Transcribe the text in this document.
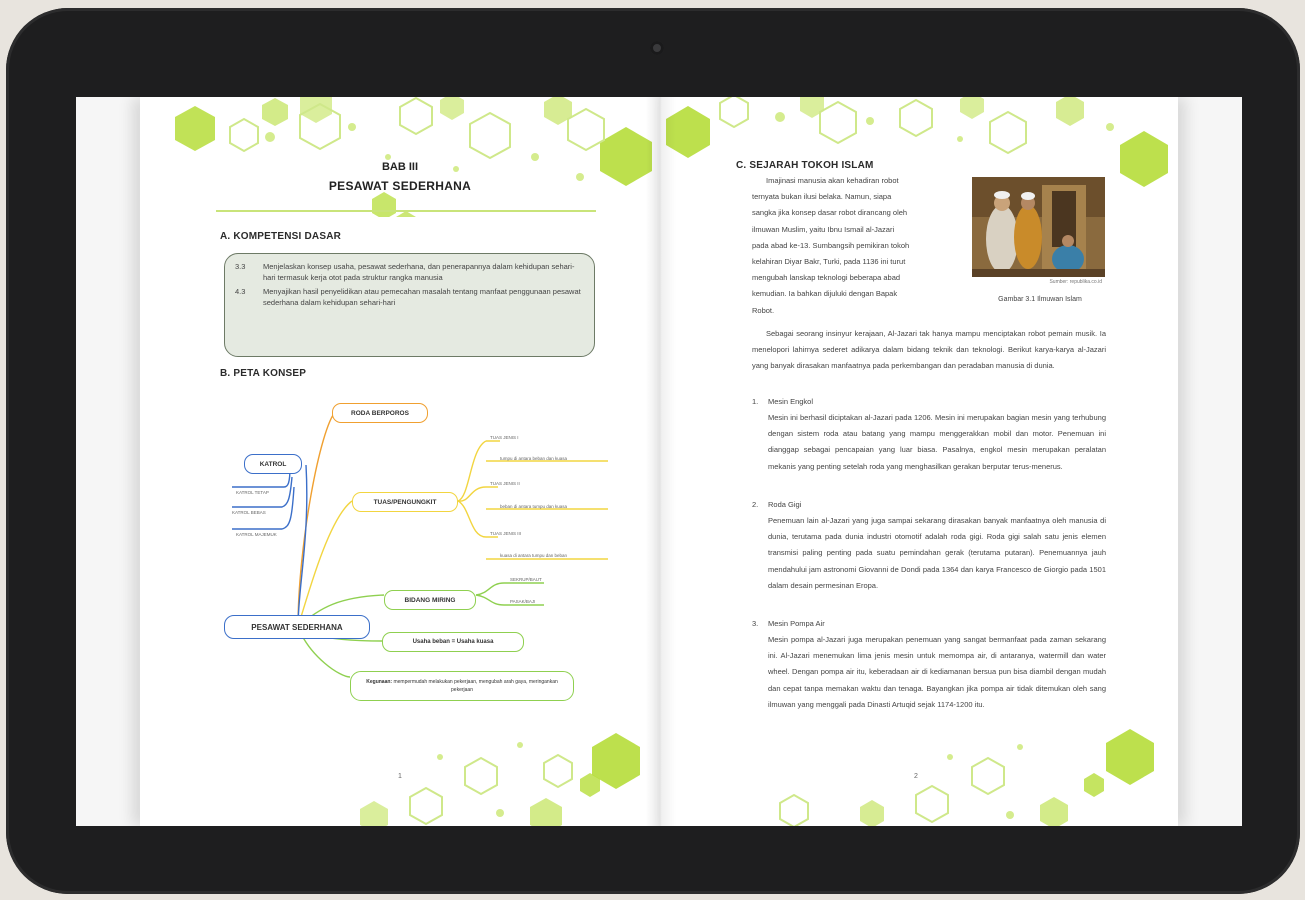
BAB III
PESAWAT SEDERHANA
A. KOMPETENSI DASAR
3.3	Menjelaskan konsep usaha, pesawat sederhana, dan penerapannya dalam kehidupan sehari-hari termasuk kerja otot pada struktur rangka manusia
4.3	Menyajikan hasil penyelidikan atau pemecahan masalah tentang manfaat penggunaan pesawat sederhana dalam kehidupan sehari-hari
B. PETA KONSEP
RODA BERPOROS
KATROL
KATROL TETAP
KATROL BEBAS
KATROL MAJEMUK
TUAS/PENGUNGKIT
TUAS JENIS I
tumpu di antara beban dan kuasa
TUAS JENIS II
beban di antara tumpu dan kuasa
TUAS JENIS III
kuasa di antara tumpu dan beban
BIDANG MIRING
SEKRUP/BAUT
PASAK/BAJI
PESAWAT SEDERHANA
Usaha beban = Usaha kuasa
Kegunaan: mempermudah melakukan pekerjaan, mengubah arah gaya, meringankan pekerjaan
1
C. SEJARAH TOKOH ISLAM
Imajinasi manusia akan kehadiran robot
ternyata bukan ilusi belaka. Namun, siapa
sangka jika konsep dasar robot dirancang oleh
ilmuwan Muslim, yaitu Ibnu Ismail al-Jazari
pada abad ke-13. Sumbangsih pemikiran tokoh
kelahiran Diyar Bakr, Turki, pada 1136 ini turut
mengubah lanskap teknologi beberapa abad
kemudian. Ia bahkan dijuluki dengan Bapak
Robot.
Sumber: republika.co.id
Gambar 3.1 Ilmuwan Islam
Sebagai seorang insinyur kerajaan, Al-Jazari tak hanya mampu menciptakan robot pemain musik. Ia menelopori lahirnya sederet adikarya dalam bidang teknik dan teknologi. Berikut karya-karya al-Jazari yang banyak dirasakan manfaatnya pada perkembangan dan peradaban manusia di dunia.
1. Mesin Engkol
Mesin ini berhasil diciptakan al-Jazari pada 1206. Mesin ini merupakan bagian mesin yang terhubung dengan sistem roda atau batang yang mampu menggerakkan mobil dan motor. Penemuan ini dianggap sebagai pencapaian yang luar biasa. Pasalnya, engkol mesin merupakan peralatan mekanis yang penting setelah roda yang menghasilkan gerakan berputar terus-menerus.
2. Roda Gigi
Penemuan lain al-Jazari yang juga sampai sekarang dirasakan banyak manfaatnya oleh manusia di dunia, terutama pada dunia industri otomotif adalah roda gigi. Roda gigi salah satu jenis elemen transmisi paling penting pada suatu pemindahan gerak (terutama putaran). Penemuannya jauh mendahului jam astronomi Giovanni de Dondi pada 1364 dan karya Francesco de Giorgio pada 1501 dalam desain permesinan Eropa.
3. Mesin Pompa Air
Mesin pompa al-Jazari juga merupakan penemuan yang sangat bermanfaat pada zaman sekarang ini. Al-Jazari menemukan lima jenis mesin untuk memompa air, di antaranya, watermill dan water wheel. Dengan pompa air itu, keberadaan air di kediamanan bersua pun bisa diambil dengan mudah dan cepat tanpa memakan waktu dan tenaga. Bayangkan jika pompa air tidak ditemukan oleh sang ilmuwan yang menggali pada Dinasti Artuqid sejak 1174-1200 itu.
2
